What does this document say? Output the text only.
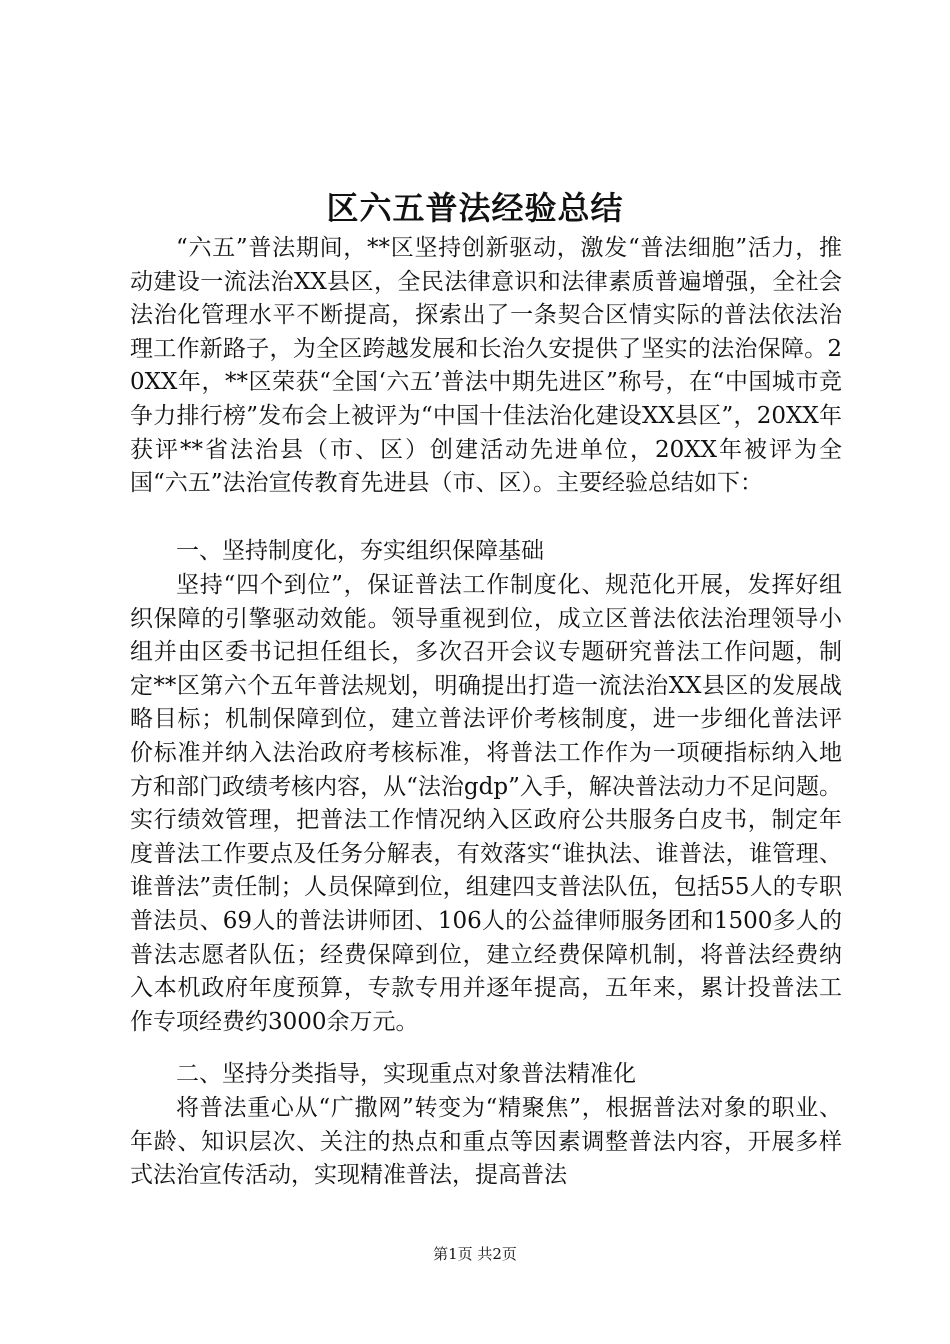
区六五普法经验总结

“六五”普法期间，**区坚持创新驱动，激发“普法细胞”活力，推动建设一流法治XX县区，全民法律意识和法律素质普遍增强，全社会法治化管理水平不断提高，探索出了一条契合区情实际的普法依法治理工作新路子，为全区跨越发展和长治久安提供了坚实的法治保障。20XX年，**区荣获“全国‘六五’普法中期先进区”称号，在“中国城市竞争力排行榜”发布会上被评为“中国十佳法治化建设XX县区”，20XX年获评**省法治县（市、区）创建活动先进单位，20XX年被评为全国“六五”法治宣传教育先进县（市、区）。主要经验总结如下：

一、坚持制度化，夯实组织保障基础

坚持“四个到位”，保证普法工作制度化、规范化开展，发挥好组织保障的引擎驱动效能。领导重视到位，成立区普法依法治理领导小组并由区委书记担任组长，多次召开会议专题研究普法工作问题，制定**区第六个五年普法规划，明确提出打造一流法治XX县区的发展战略目标；机制保障到位，建立普法评价考核制度，进一步细化普法评价标准并纳入法治政府考核标准，将普法工作作为一项硬指标纳入地方和部门政绩考核内容，从“法治gdp”入手，解决普法动力不足问题。实行绩效管理，把普法工作情况纳入区政府公共服务白皮书，制定年度普法工作要点及任务分解表，有效落实“谁执法、谁普法，谁管理、谁普法”责任制；人员保障到位，组建四支普法队伍，包括55人的专职普法员、69人的普法讲师团、106人的公益律师服务团和1500多人的普法志愿者队伍；经费保障到位，建立经费保障机制，将普法经费纳入本机政府年度预算，专款专用并逐年提高，五年来，累计投普法工作专项经费约3000余万元。

二、坚持分类指导，实现重点对象普法精准化

将普法重心从“广撒网”转变为“精聚焦”，根据普法对象的职业、年龄、知识层次、关注的热点和重点等因素调整普法内容，开展多样式法治宣传活动，实现精准普法，提高普法

第1页 共2页
